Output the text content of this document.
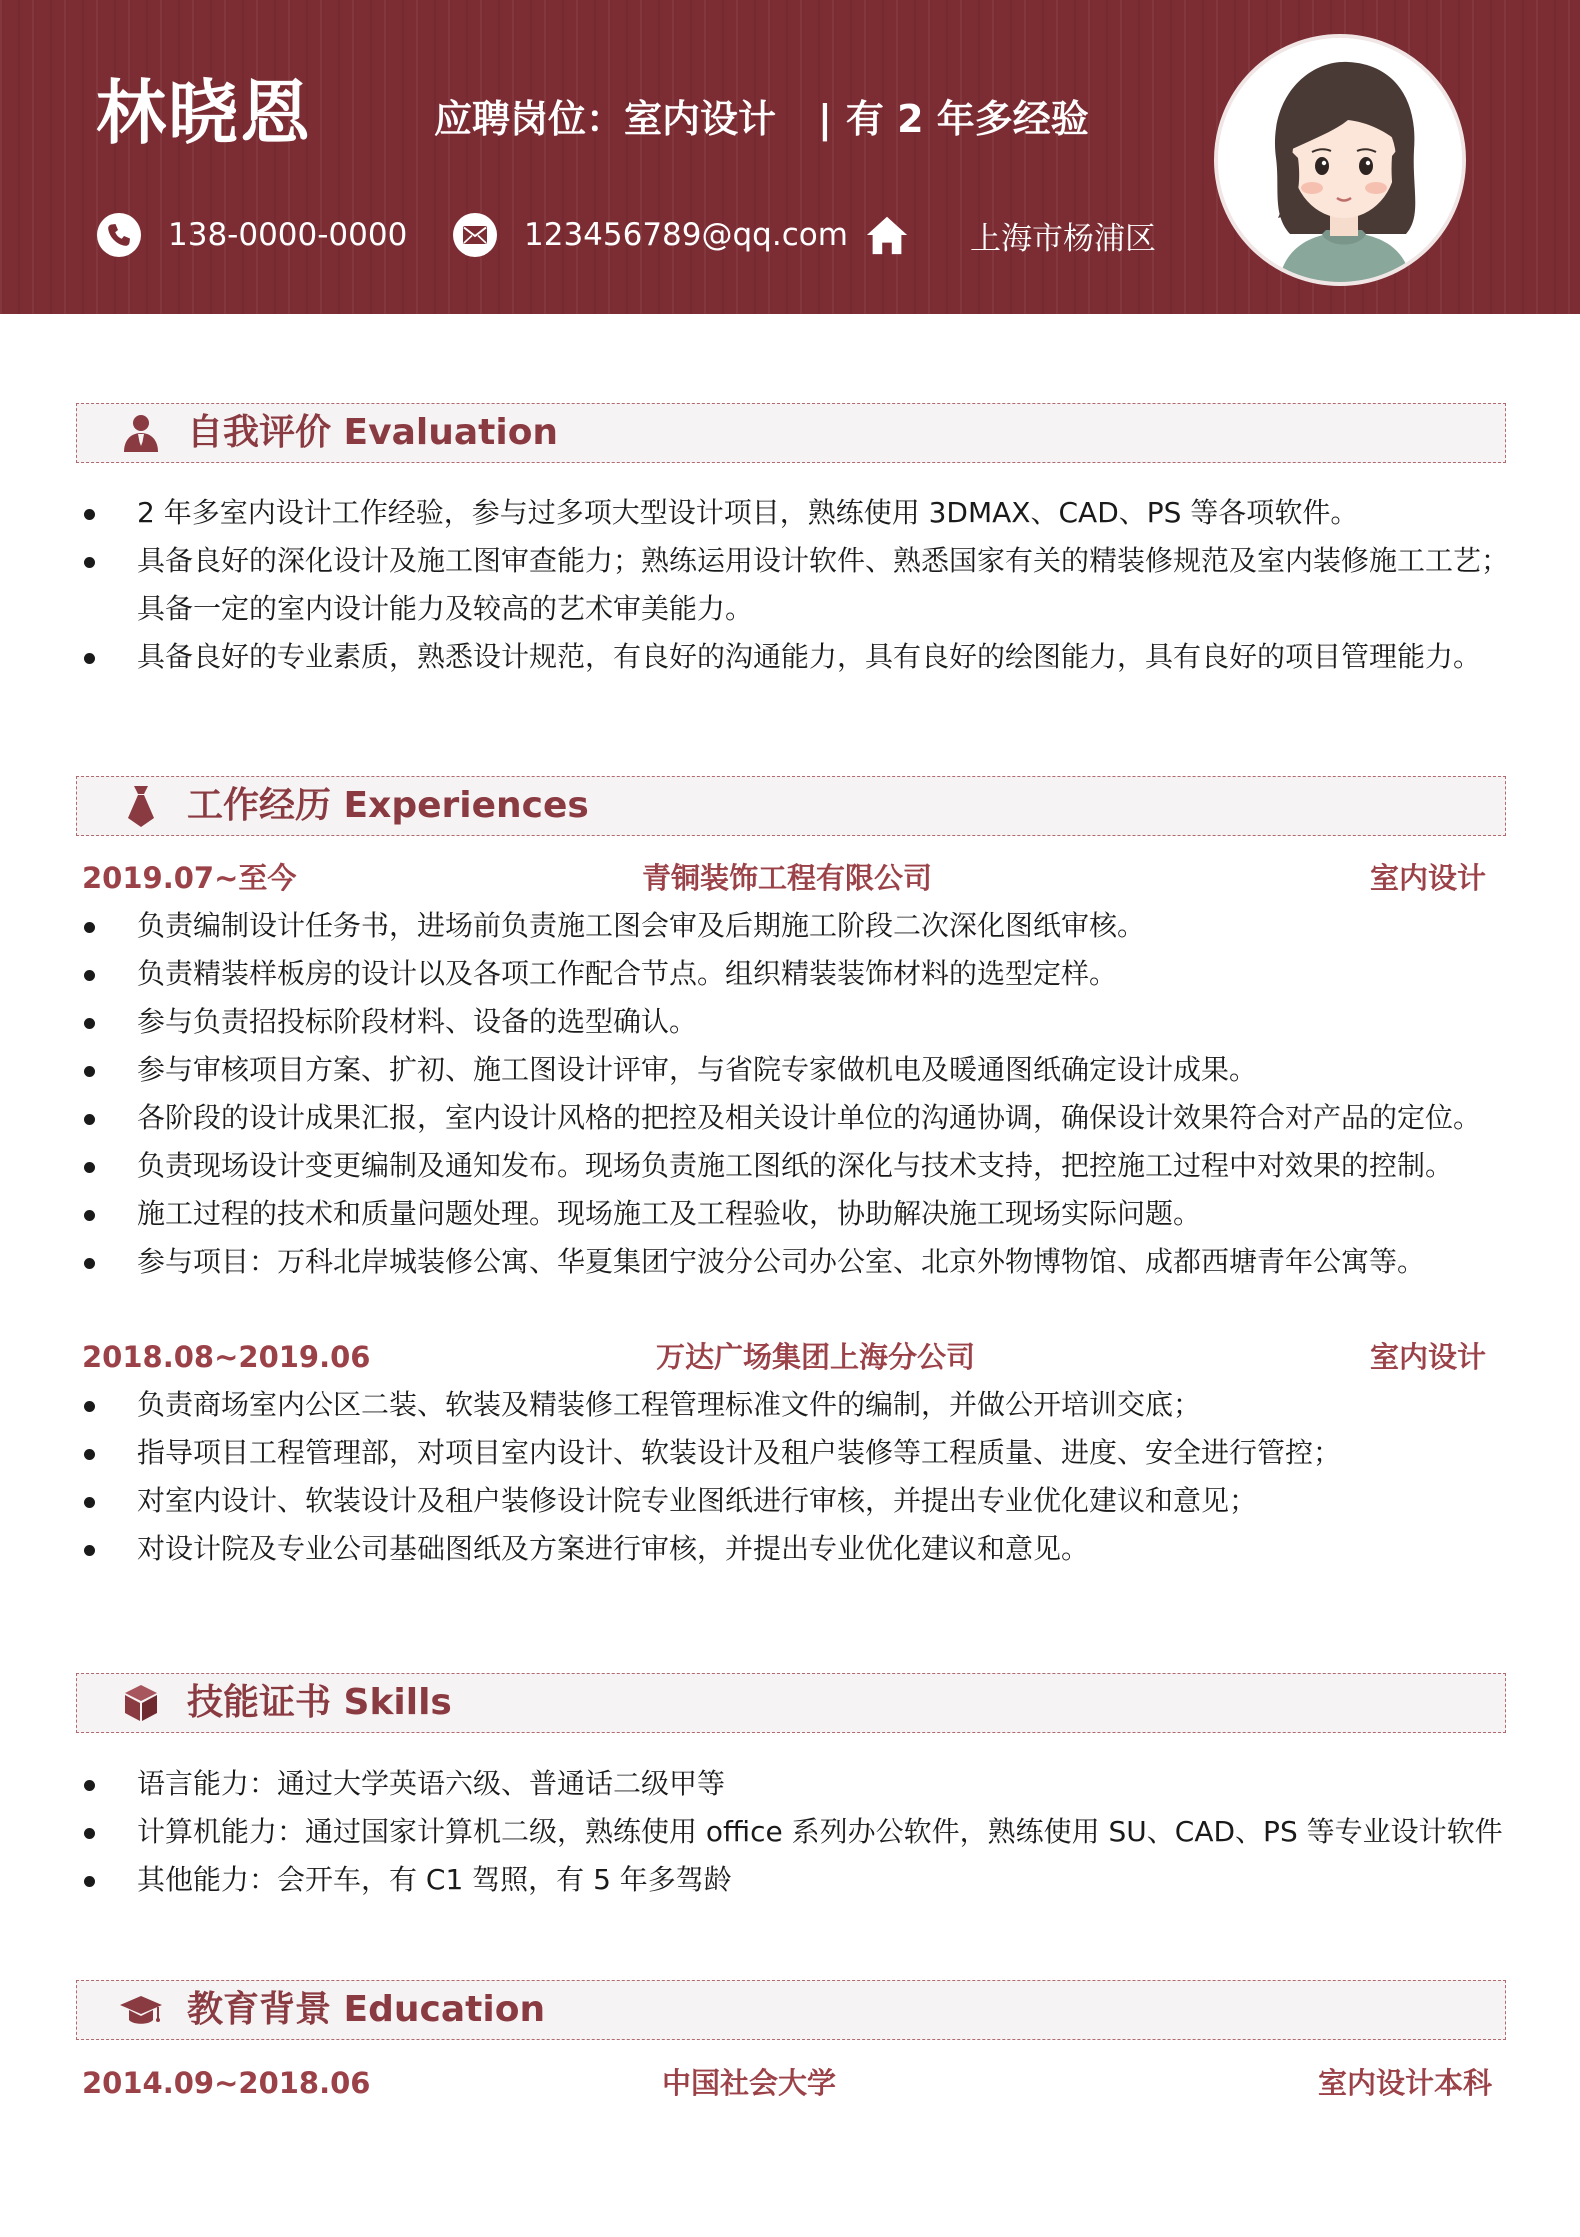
林晓恩	应聘岗位：室内设计 | 有 2 年多经验
138-0000-0000	123456789@qq.com	上海市杨浦区
自我评价 Evaluation
2 年多室内设计工作经验，参与过多项大型设计项目，熟练使用 3DMAX、CAD、PS 等各项软件。
具备良好的深化设计及施工图审查能力；熟练运用设计软件、熟悉国家有关的精装修规范及室内装修施工工艺；
具备一定的室内设计能力及较高的艺术审美能力。
具备良好的专业素质，熟悉设计规范，有良好的沟通能力，具有良好的绘图能力，具有良好的项目管理能力。
工作经历 Experiences
2019.07~至今	青铜装饰工程有限公司	室内设计
负责编制设计任务书，进场前负责施工图会审及后期施工阶段二次深化图纸审核。
负责精装样板房的设计以及各项工作配合节点。组织精装装饰材料的选型定样。
参与负责招投标阶段材料、设备的选型确认。
参与审核项目方案、扩初、施工图设计评审，与省院专家做机电及暖通图纸确定设计成果。
各阶段的设计成果汇报，室内设计风格的把控及相关设计单位的沟通协调，确保设计效果符合对产品的定位。
负责现场设计变更编制及通知发布。现场负责施工图纸的深化与技术支持，把控施工过程中对效果的控制。
施工过程的技术和质量问题处理。现场施工及工程验收，协助解决施工现场实际问题。
参与项目：万科北岸城装修公寓、华夏集团宁波分公司办公室、北京外物博物馆、成都西塘青年公寓等。
2018.08~2019.06	万达广场集团上海分公司	室内设计
负责商场室内公区二装、软装及精装修工程管理标准文件的编制，并做公开培训交底；
指导项目工程管理部，对项目室内设计、软装设计及租户装修等工程质量、进度、安全进行管控；
对室内设计、软装设计及租户装修设计院专业图纸进行审核，并提出专业优化建议和意见；
对设计院及专业公司基础图纸及方案进行审核，并提出专业优化建议和意见。
技能证书 Skills
语言能力：通过大学英语六级、普通话二级甲等
计算机能力：通过国家计算机二级，熟练使用 office 系列办公软件，熟练使用 SU、CAD、PS 等专业设计软件
其他能力：会开车，有 C1 驾照，有 5 年多驾龄
教育背景 Education
2014.09~2018.06	中国社会大学	室内设计本科
